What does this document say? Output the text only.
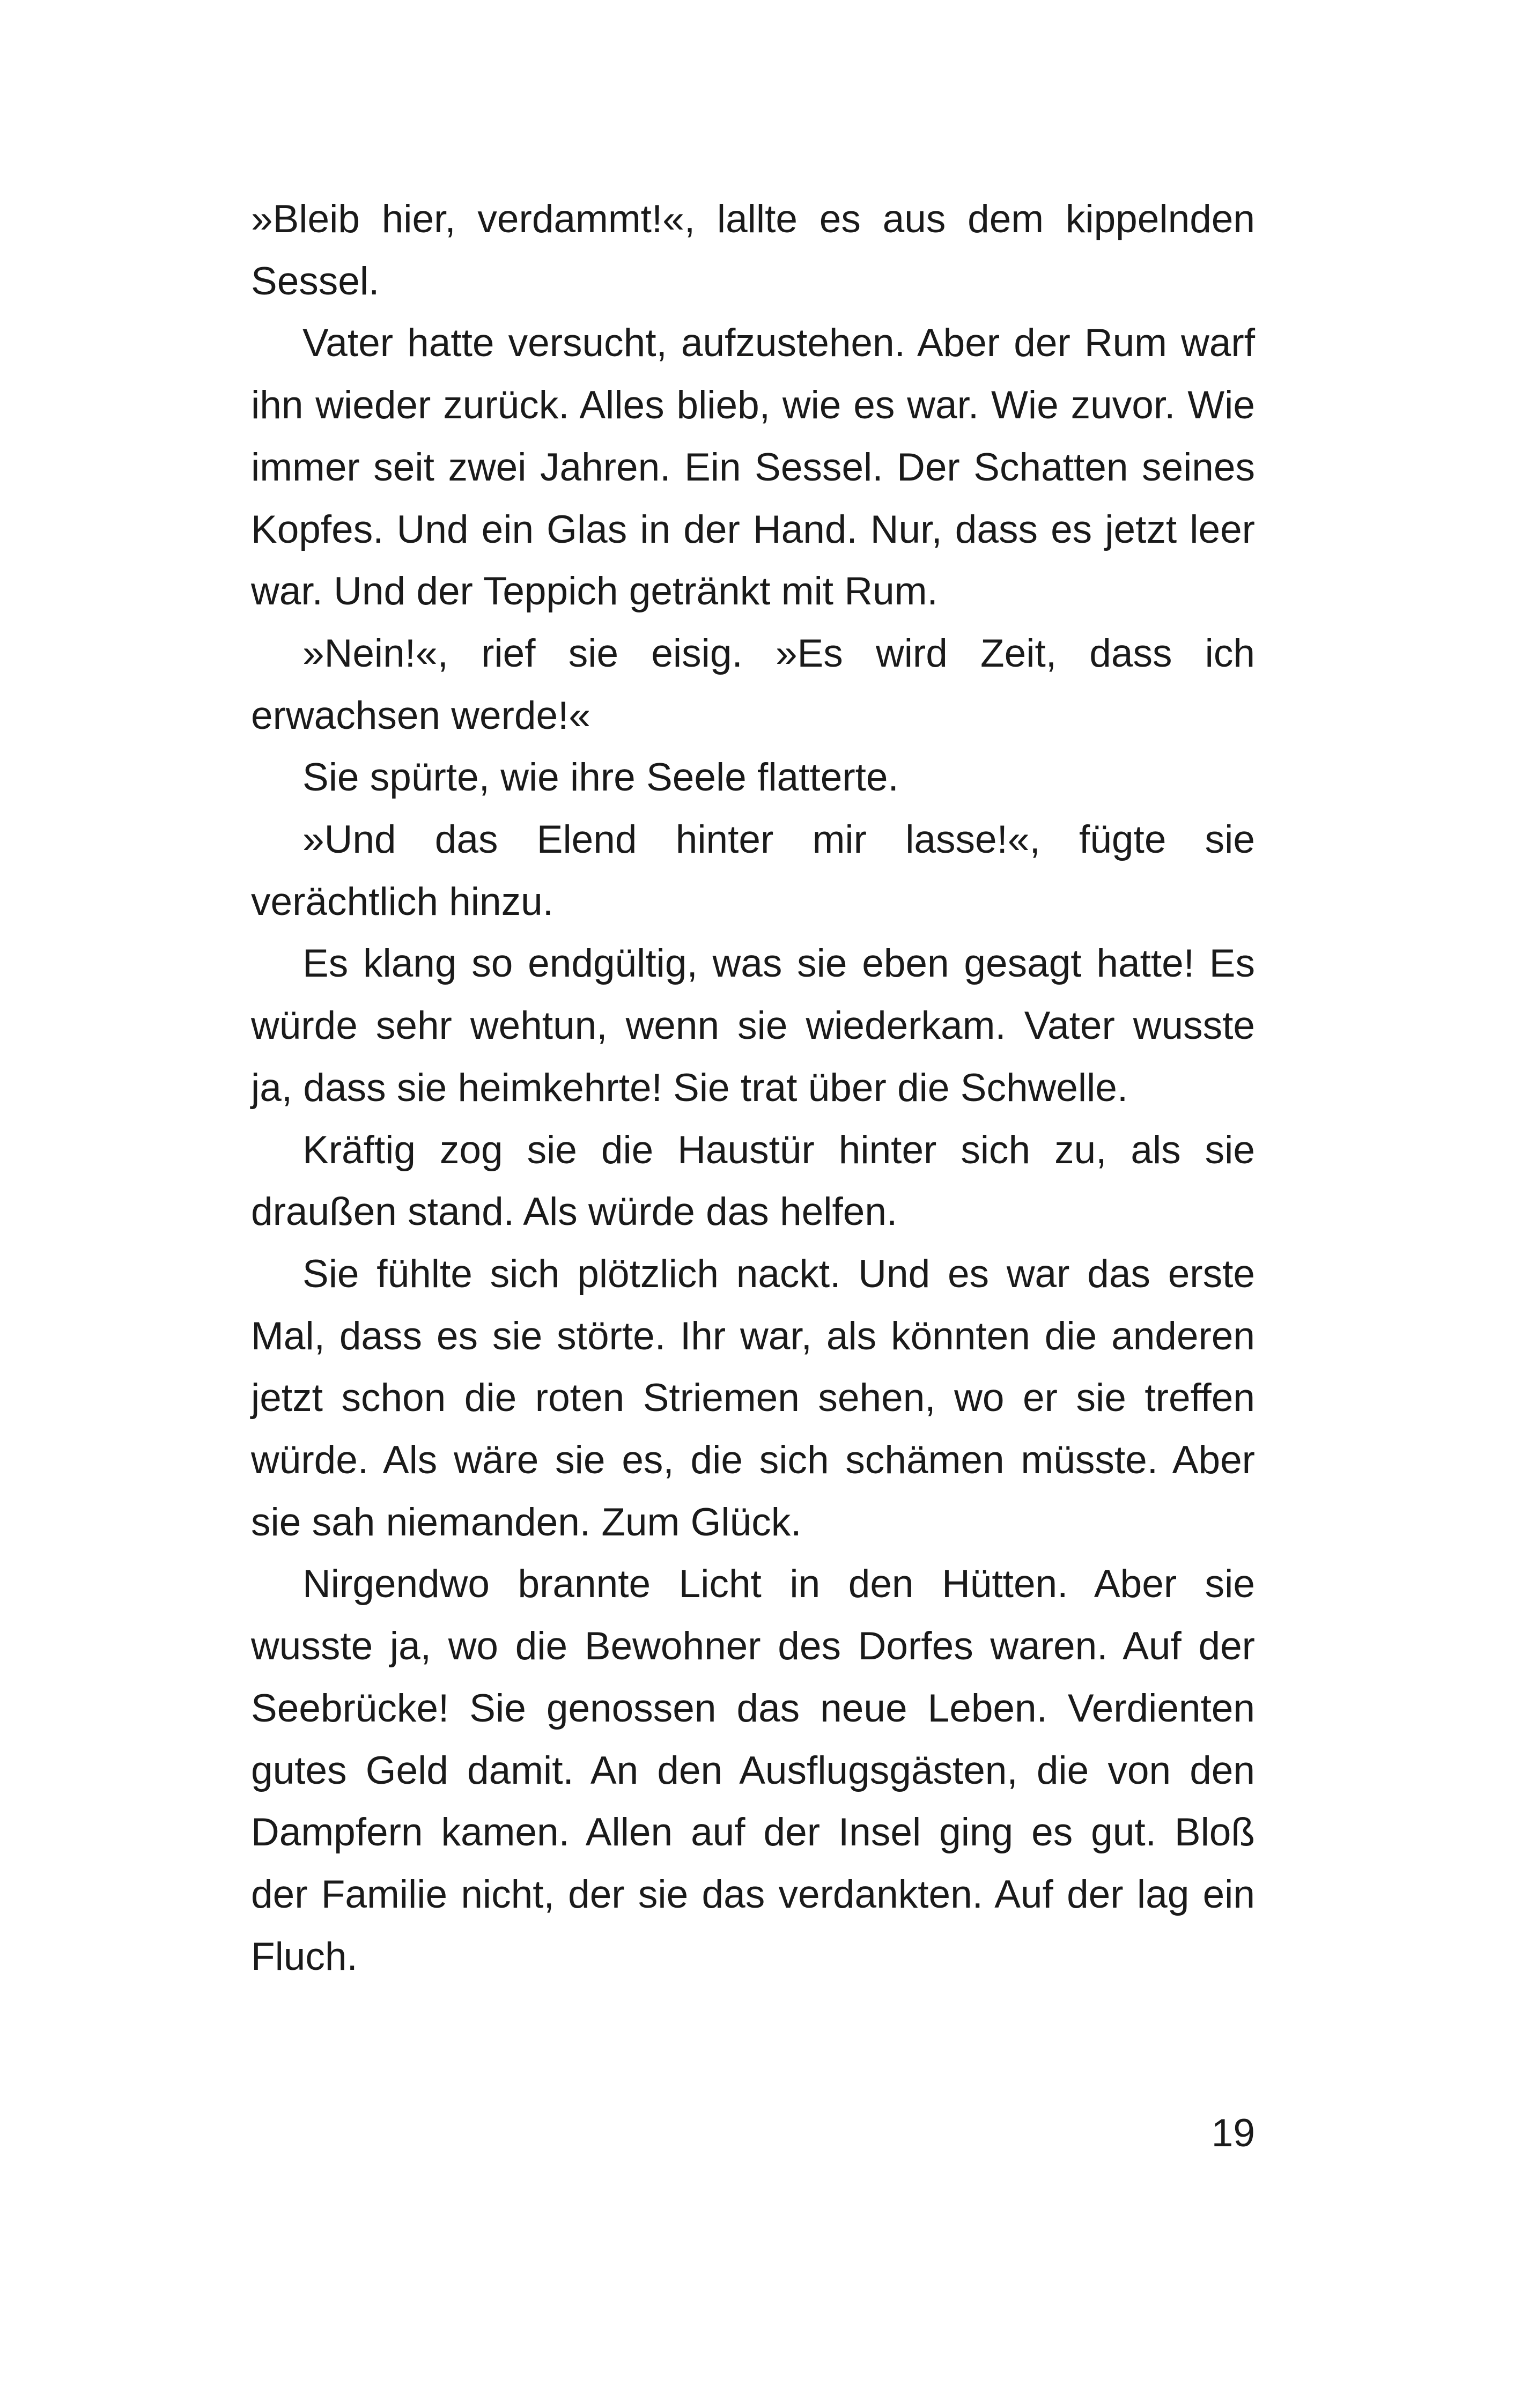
»Bleib hier, verdammt!«, lallte es aus dem kippelnden Sessel.

Vater hatte versucht, aufzustehen. Aber der Rum warf ihn wieder zurück. Alles blieb, wie es war. Wie zuvor. Wie immer seit zwei Jahren. Ein Sessel. Der Schatten seines Kopfes. Und ein Glas in der Hand. Nur, dass es jetzt leer war. Und der Teppich getränkt mit Rum.

»Nein!«, rief sie eisig. »Es wird Zeit, dass ich erwachsen werde!«

Sie spürte, wie ihre Seele flatterte.

»Und das Elend hinter mir lasse!«, fügte sie verächtlich hinzu.

Es klang so endgültig, was sie eben gesagt hatte! Es würde sehr wehtun, wenn sie wiederkam. Vater wusste ja, dass sie heimkehrte! Sie trat über die Schwelle.

Kräftig zog sie die Haustür hinter sich zu, als sie draußen stand. Als würde das helfen.

Sie fühlte sich plötzlich nackt. Und es war das erste Mal, dass es sie störte. Ihr war, als könnten die anderen jetzt schon die roten Striemen sehen, wo er sie treffen würde. Als wäre sie es, die sich schämen müsste. Aber sie sah niemanden. Zum Glück.

Nirgendwo brannte Licht in den Hütten. Aber sie wusste ja, wo die Bewohner des Dorfes waren. Auf der Seebrücke! Sie genossen das neue Leben. Verdienten gutes Geld damit. An den Ausflugsgästen, die von den Dampfern kamen. Allen auf der Insel ging es gut. Bloß der Familie nicht, der sie das verdankten. Auf der lag ein Fluch.

19
